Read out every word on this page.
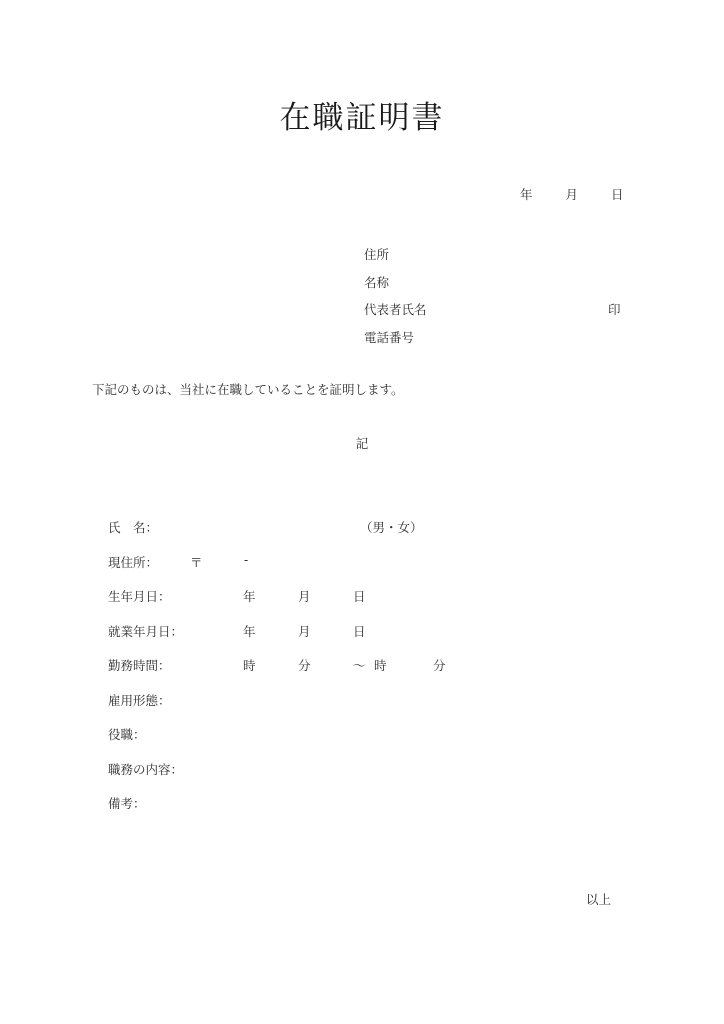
在職証明書
年	月	日
住所
名称
代表者氏名	印
電話番号
下記のものは、当社に在職していることを証明します。
記
氏　名：	（男・女）
現住所：	〒	-
生年月日：	年	月	日
就業年月日：	年	月	日
勤務時間：	時	分	〜 時	分
雇用形態：
役職：
職務の内容：
備考：
以上
